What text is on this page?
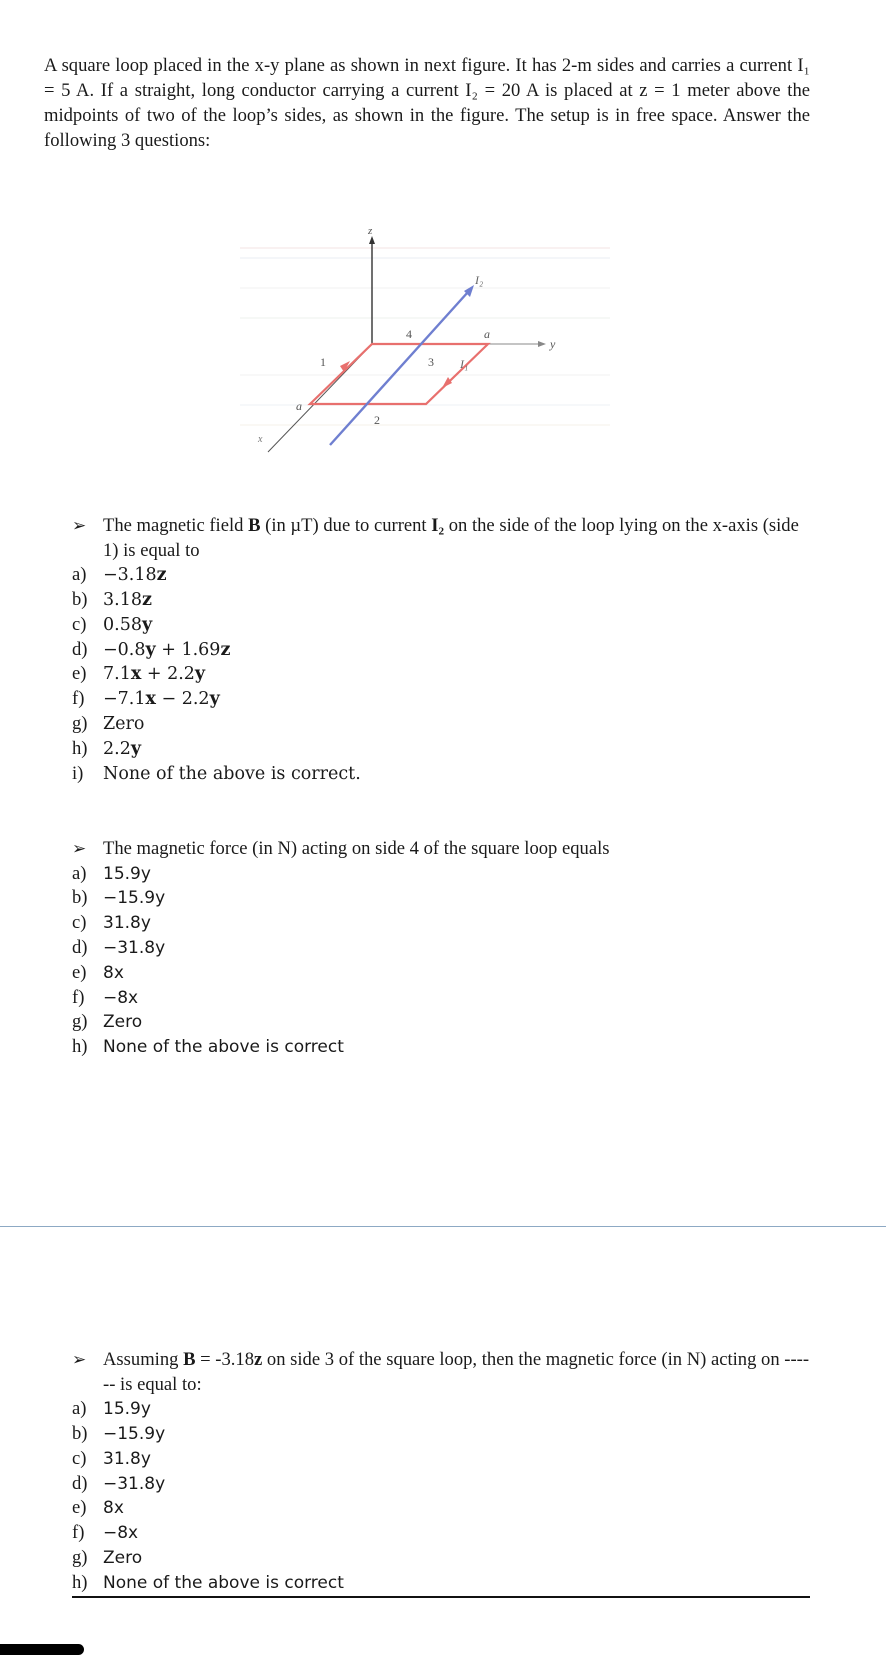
A square loop placed in the x-y plane as shown in next figure. It has 2-m sides and carries a current I₁ = 5 A. If a straight, long conductor carrying a current I₂ = 20 A is placed at z = 1 meter above the midpoints of two of the loop’s sides, as shown in the figure. The setup is in free space. Answer the following 3 questions:
z
x
y
I₂
I₁
4
1	3
2
a
a
➢ The magnetic field B (in µT) due to current I₂ on the side of the loop lying on the x-axis (side 1) is equal to
a) −3.18z
b) 3.18z
c) 0.58y
d) −0.8y + 1.69z
e) 7.1x + 2.2y
f) −7.1x − 2.2y
g) Zero
h) 2.2y
i) None of the above is correct.
➢ The magnetic force (in N) acting on side 4 of the square loop equals
a) 15.9y
b) −15.9y
c) 31.8y
d) −31.8y
e) 8x
f) −8x
g) Zero
h) None of the above is correct
➢ Assuming B = -3.18z on side 3 of the square loop, then the magnetic force (in N) acting on ------ is equal to:
a) 15.9y
b) −15.9y
c) 31.8y
d) −31.8y
e) 8x
f) −8x
g) Zero
h) None of the above is correct
